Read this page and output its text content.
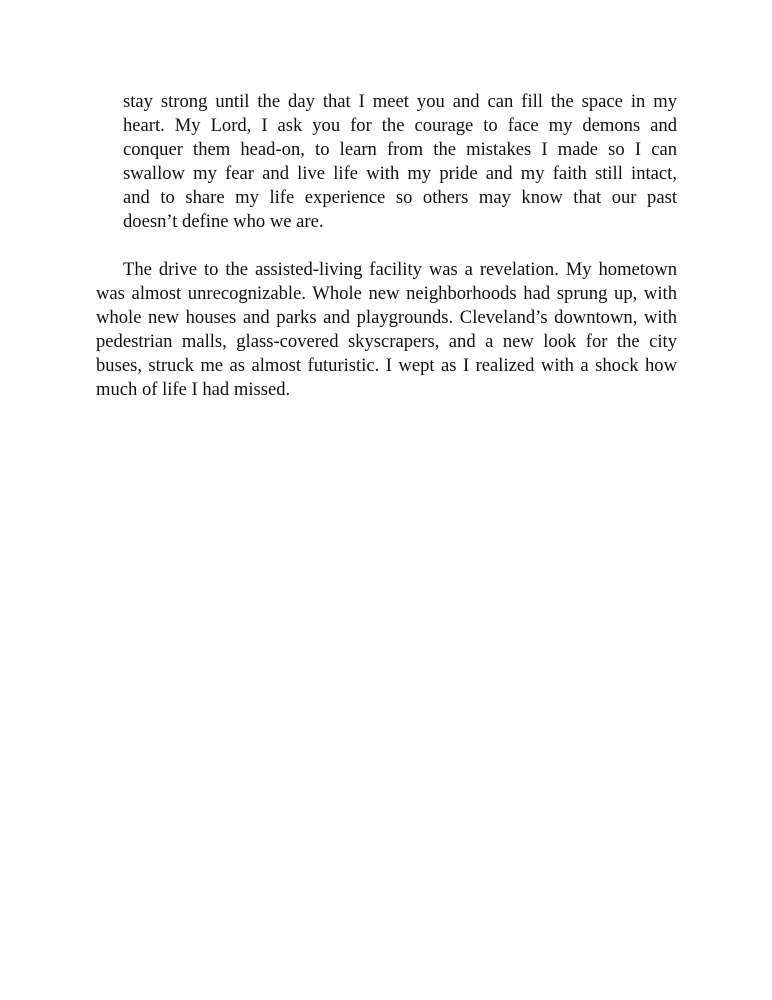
stay strong until the day that I meet you and can fill the space in my
heart. My Lord, I ask you for the courage to face my demons and
conquer them head-on, to learn from the mistakes I made so I can
swallow my fear and live life with my pride and my faith still intact,
and to share my life experience so others may know that our past
doesn’t define who we are.
The drive to the assisted-living facility was a revelation. My hometown
was almost unrecognizable. Whole new neighborhoods had sprung up, with
whole new houses and parks and playgrounds. Cleveland’s downtown, with
pedestrian malls, glass-covered skyscrapers, and a new look for the city
buses, struck me as almost futuristic. I wept as I realized with a shock how
much of life I had missed.
